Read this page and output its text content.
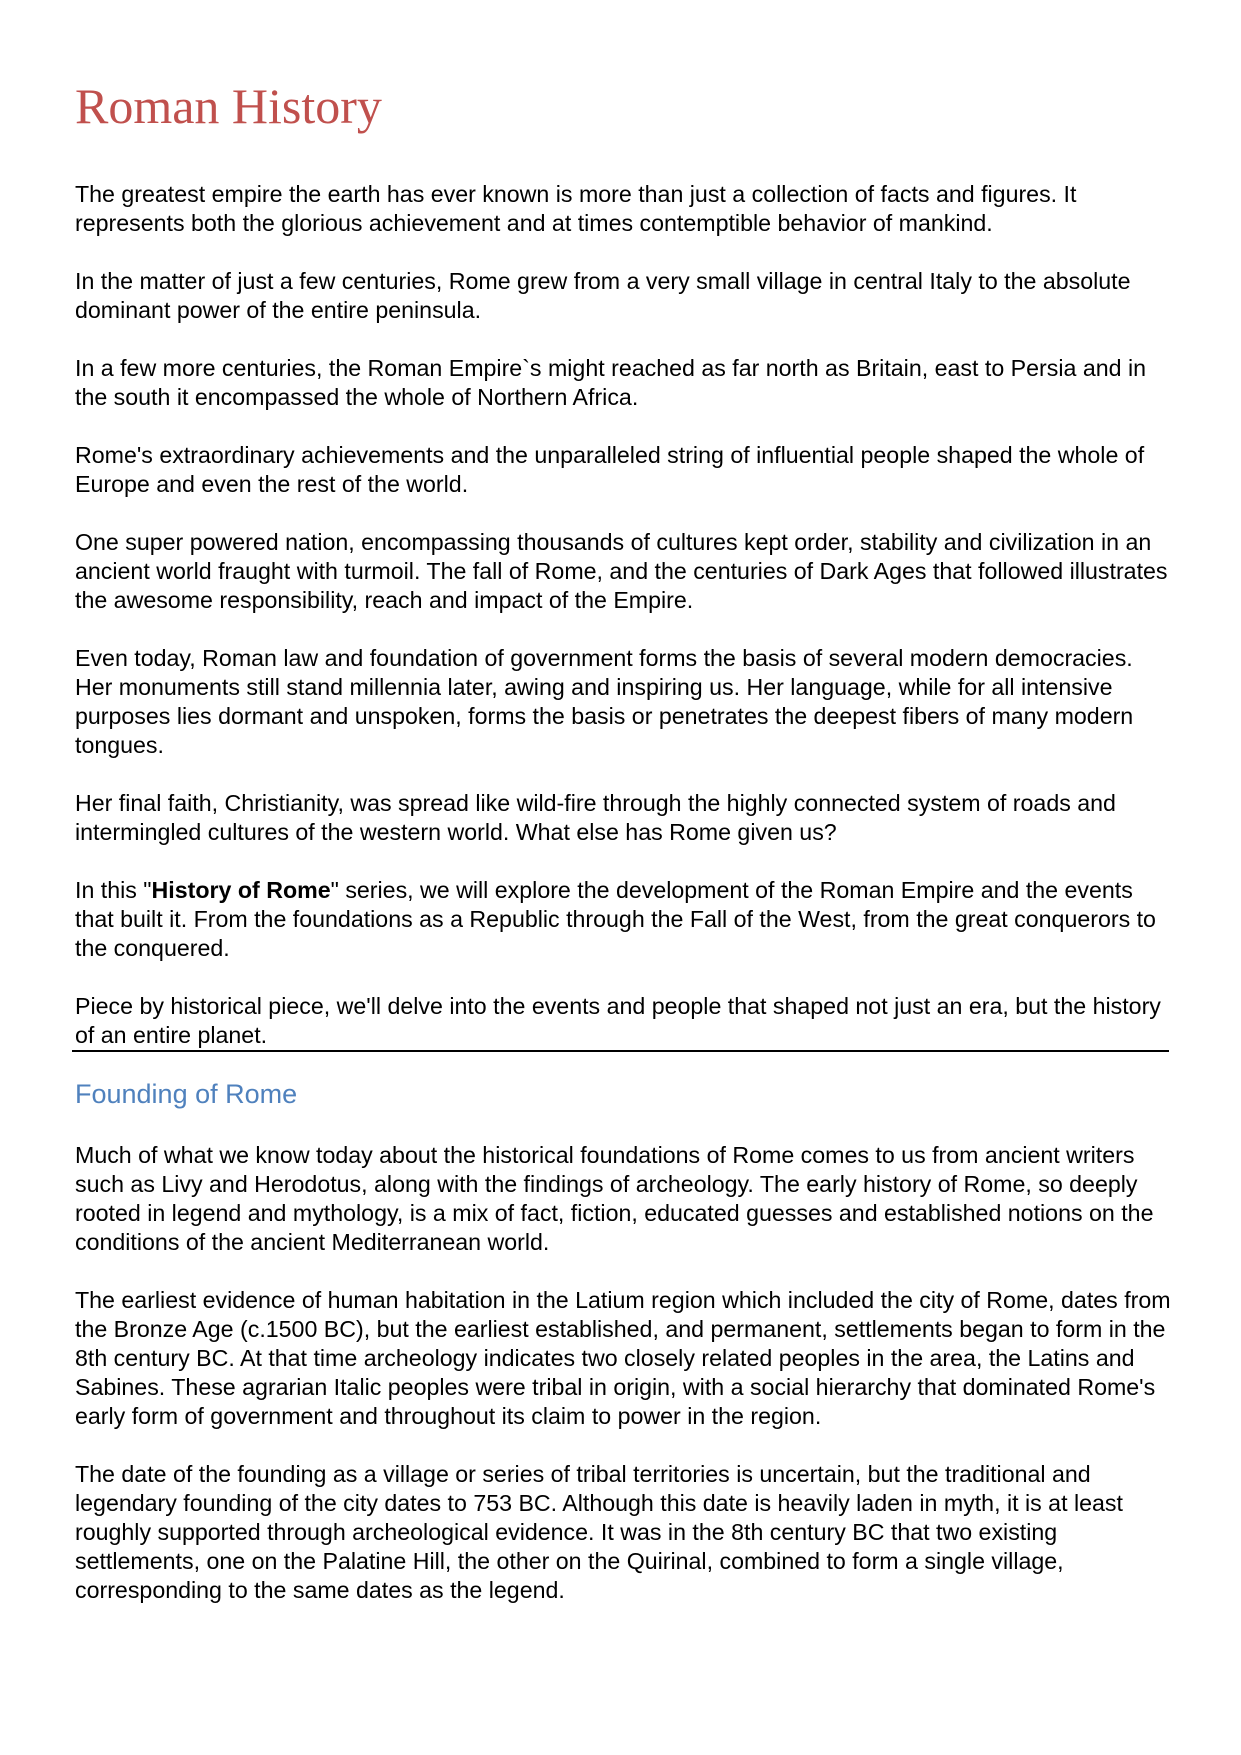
Roman History

The greatest empire the earth has ever known is more than just a collection of facts and figures. It represents both the glorious achievement and at times contemptible behavior of mankind.

In the matter of just a few centuries, Rome grew from a very small village in central Italy to the absolute dominant power of the entire peninsula.

In a few more centuries, the Roman Empire`s might reached as far north as Britain, east to Persia and in the south it encompassed the whole of Northern Africa.

Rome's extraordinary achievements and the unparalleled string of influential people shaped the whole of Europe and even the rest of the world.

One super powered nation, encompassing thousands of cultures kept order, stability and civilization in an ancient world fraught with turmoil. The fall of Rome, and the centuries of Dark Ages that followed illustrates the awesome responsibility, reach and impact of the Empire.

Even today, Roman law and foundation of government forms the basis of several modern democracies. Her monuments still stand millennia later, awing and inspiring us. Her language, while for all intensive purposes lies dormant and unspoken, forms the basis or penetrates the deepest fibers of many modern tongues.

Her final faith, Christianity, was spread like wild-fire through the highly connected system of roads and intermingled cultures of the western world. What else has Rome given us?

In this "History of Rome" series, we will explore the development of the Roman Empire and the events that built it. From the foundations as a Republic through the Fall of the West, from the great conquerors to the conquered.

Piece by historical piece, we'll delve into the events and people that shaped not just an era, but the history of an entire planet.

Founding of Rome

Much of what we know today about the historical foundations of Rome comes to us from ancient writers such as Livy and Herodotus, along with the findings of archeology. The early history of Rome, so deeply rooted in legend and mythology, is a mix of fact, fiction, educated guesses and established notions on the conditions of the ancient Mediterranean world.

The earliest evidence of human habitation in the Latium region which included the city of Rome, dates from the Bronze Age (c.1500 BC), but the earliest established, and permanent, settlements began to form in the 8th century BC. At that time archeology indicates two closely related peoples in the area, the Latins and Sabines. These agrarian Italic peoples were tribal in origin, with a social hierarchy that dominated Rome's early form of government and throughout its claim to power in the region.

The date of the founding as a village or series of tribal territories is uncertain, but the traditional and legendary founding of the city dates to 753 BC. Although this date is heavily laden in myth, it is at least roughly supported through archeological evidence. It was in the 8th century BC that two existing settlements, one on the Palatine Hill, the other on the Quirinal, combined to form a single village, corresponding to the same dates as the legend.
